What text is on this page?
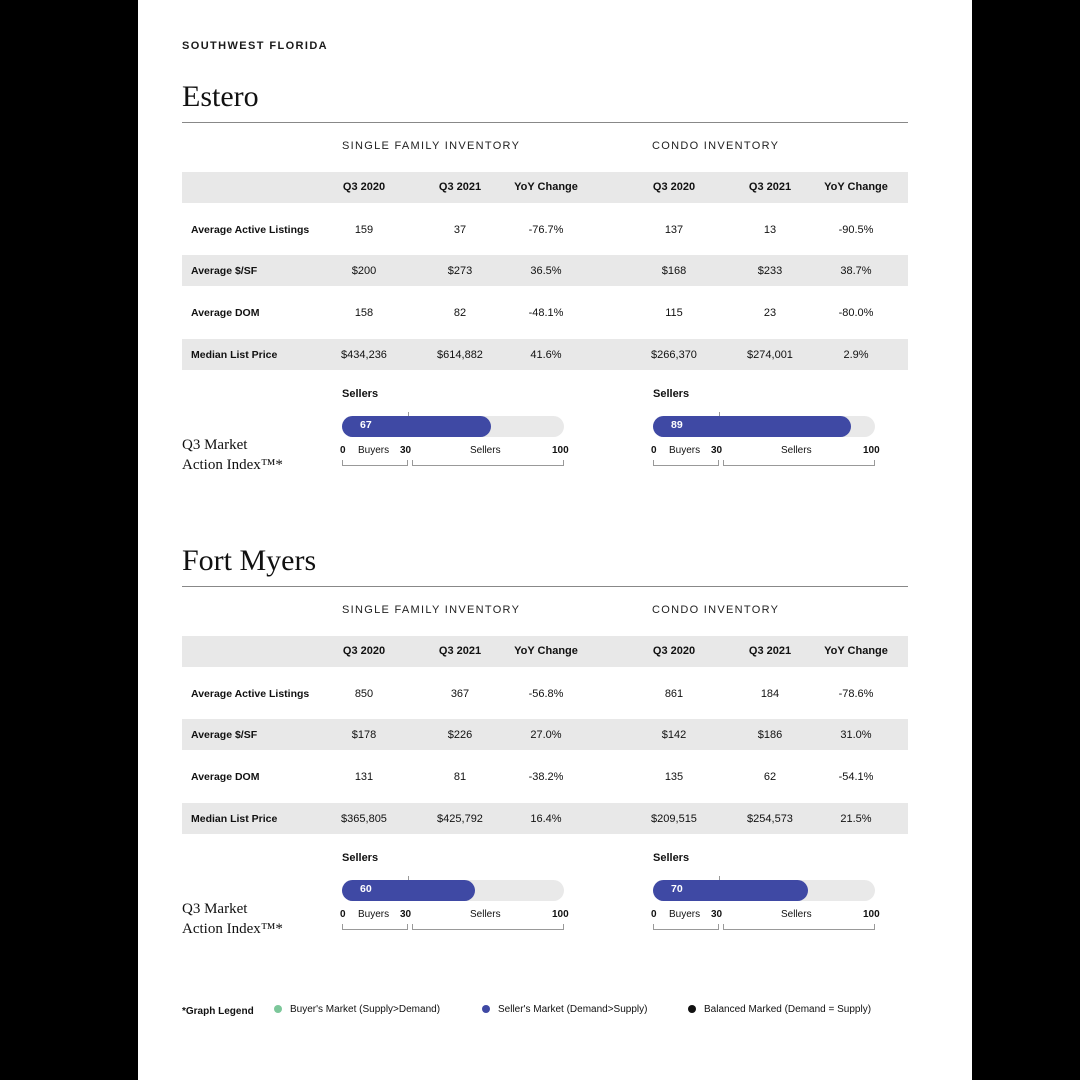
SOUTHWEST FLORIDA
Estero
SINGLE FAMILY INVENTORY	CONDO INVENTORY
Q3 2020	Q3 2021	YoY Change	Q3 2020	Q3 2021	YoY Change
Average Active Listings	159	37	-76.7%	137	13	-90.5%
Average $/SF	$200	$273	36.5%	$168	$233	38.7%
Average DOM	158	82	-48.1%	115	23	-80.0%
Median List Price	$434,236	$614,882	41.6%	$266,370	$274,001	2.9%
Q3 Market
Action Index™*
Sellers
67
0 Buyers 30	Sellers	100
Sellers
89
0 Buyers 30	Sellers	100
Fort Myers
SINGLE FAMILY INVENTORY	CONDO INVENTORY
Q3 2020	Q3 2021	YoY Change	Q3 2020	Q3 2021	YoY Change
Average Active Listings	850	367	-56.8%	861	184	-78.6%
Average $/SF	$178	$226	27.0%	$142	$186	31.0%
Average DOM	131	81	-38.2%	135	62	-54.1%
Median List Price	$365,805	$425,792	16.4%	$209,515	$254,573	21.5%
Q3 Market
Action Index™*
Sellers
60
0 Buyers 30	Sellers	100
Sellers
70
0 Buyers 30	Sellers	100
*Graph Legend	Buyer's Market (Supply>Demand)	Seller's Market (Demand>Supply)	Balanced Marked (Demand = Supply)
